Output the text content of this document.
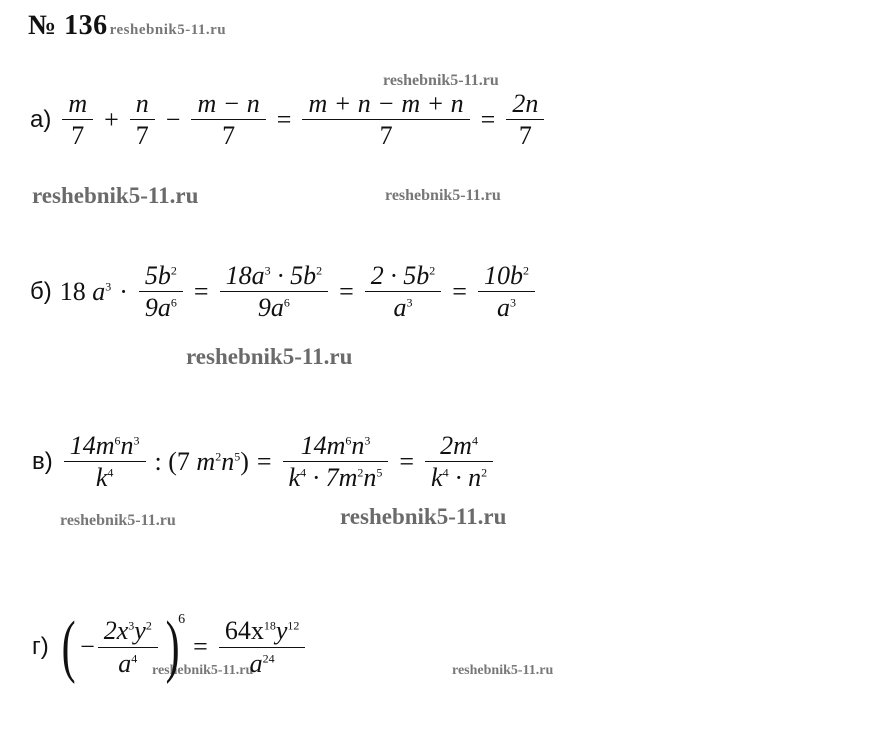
№ 136 reshebnik5-11.ru
reshebnik5-11.ru
reshebnik5-11.ru	reshebnik5-11.ru
reshebnik5-11.ru
reshebnik5-11.ru	reshebnik5-11.ru
reshebnik5-11.ru	reshebnik5-11.ru
$а) \frac{m}{7} + \frac{n}{7} - \frac{m - n}{7} = \frac{m + n - m + n}{7} = \frac{2n}{7}$
б) 18 $a^3 \cdot \frac{5b^2}{9a^6} = \frac{18a^3 \cdot 5b^2}{9a^6} = \frac{2 \cdot 5b^2}{a^3} = \frac{10b^2}{a^3}$
$в) \frac{14m^6n^3}{k^4}$ : (7 $m^2n^5) = \frac{14m^6n^3}{k^4 \cdot 7m^2n^5} = \frac{2m^4}{k^4 \cdot n^2}$
г) ( − $\frac{2x^3y^2}{a^4}$ )
6
= $\frac{64x^{18}y^{12}}{a^{24}}$
